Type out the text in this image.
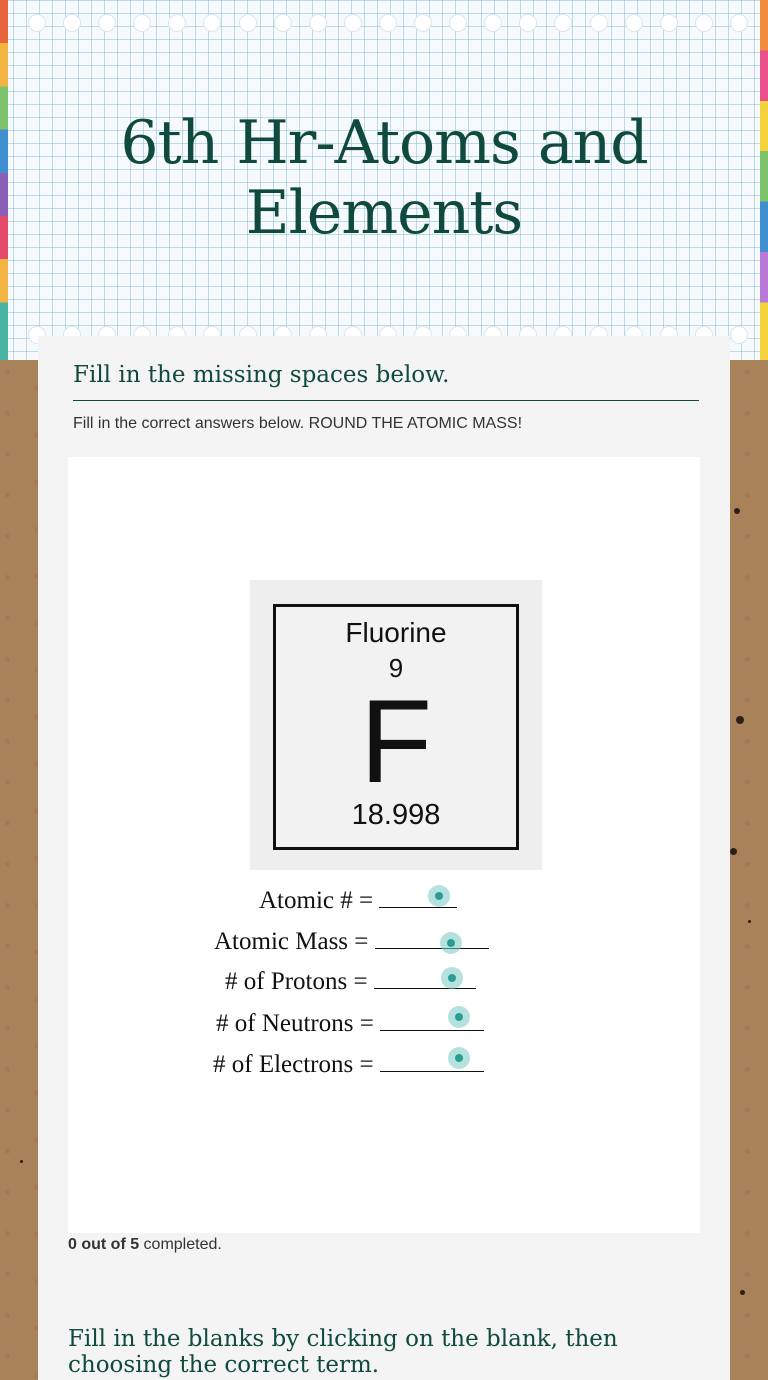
6th Hr-Atoms and Elements
Fill in the missing spaces below.
Fill in the correct answers below. ROUND THE ATOMIC MASS!
Fluorine
9
F
18.998
Atomic # =
Atomic Mass =
# of Protons =
# of Neutrons =
# of Electrons =
0 out of 5 completed.
Fill in the blanks by clicking on the blank, then choosing the correct term.
